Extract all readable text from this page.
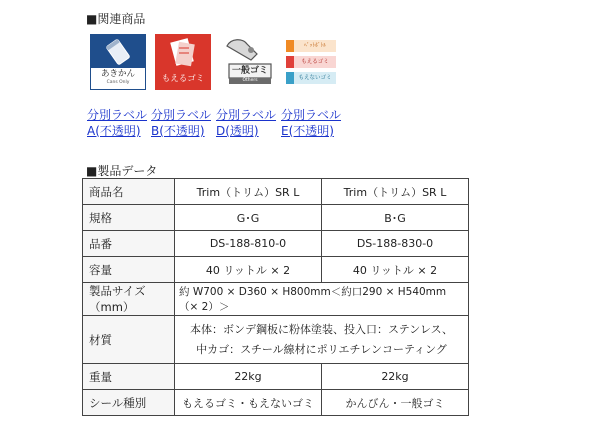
■関連商品
あきかん
Cans Only	もえるゴミ
一般ゴミ
Others
ﾍﾟｯﾄﾎﾞﾄﾙ
もえるゴミ
もえないゴミ
分別ラベル
A(不透明)
分別ラベル
B(不透明)
分別ラベル
D(透明)
分別ラベル
E(不透明)
■製品データ
商品名	Trim（トリム）SR L	Trim（トリム）SR L
規格	G･G	B･G
品番	DS-188-810-0	DS-188-830-0
容量	40 リットル × 2	40 リットル × 2
製品サイズ（mm）	約 W700 × D360 × H800mm＜約口290 × H540mm（× 2）＞	
材質	本体：ボンデ鋼板に粉体塗装、投入口：ステンレス、
中カゴ：スチール線材にポリエチレンコーティング	

重量	22kg	22kg
シール種別	もえるゴミ・もえないゴミ	かんびん・一般ゴミ
